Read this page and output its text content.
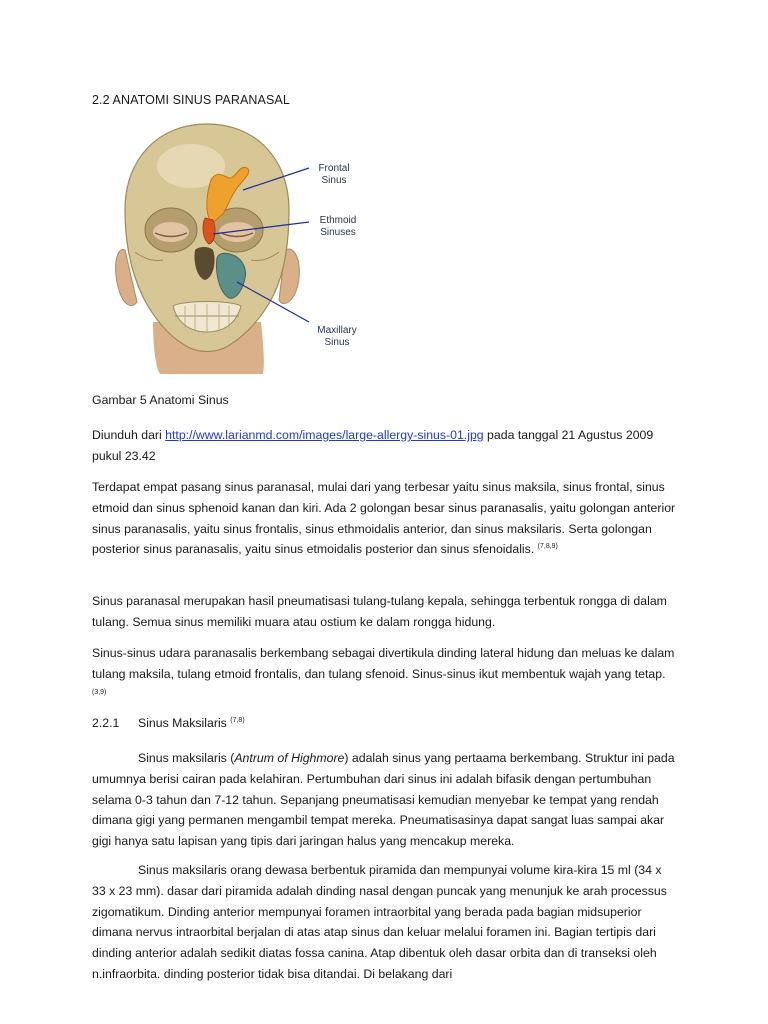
2.2 ANATOMI SINUS PARANASAL
Frontal
Sinus
Ethmoid
Sinuses
Maxillary
Sinus
Gambar 5 Anatomi Sinus

Diunduh dari http://www.larianmd.com/images/large-allergy-sinus-01.jpg pada tanggal 21 Agustus 2009 pukul 23.42

Terdapat empat pasang sinus paranasal, mulai dari yang terbesar yaitu sinus maksila, sinus frontal, sinus etmoid dan sinus sphenoid kanan dan kiri. Ada 2 golongan besar sinus paranasalis, yaitu golongan anterior sinus paranasalis, yaitu sinus frontalis, sinus ethmoidalis anterior, dan sinus maksilaris. Serta golongan posterior sinus paranasalis, yaitu sinus etmoidalis posterior dan sinus sfenoidalis. $^{(7,8,9)}$

Sinus paranasal merupakan hasil pneumatisasi tulang-tulang kepala, sehingga terbentuk rongga di dalam tulang. Semua sinus memiliki muara atau ostium ke dalam rongga hidung.

Sinus-sinus udara paranasalis berkembang sebagai divertikula dinding lateral hidung dan meluas ke dalam tulang maksila, tulang etmoid frontalis, dan tulang sfenoid. Sinus-sinus ikut membentuk wajah yang tetap. $^{(3,9)}$

2.2.1 Sinus Maksilaris $^{(7,8)}$

Sinus maksilaris (Antrum of Highmore) adalah sinus yang pertaama berkembang. Struktur ini pada umumnya berisi cairan pada kelahiran. Pertumbuhan dari sinus ini adalah bifasik dengan pertumbuhan selama 0-3 tahun dan 7-12 tahun. Sepanjang pneumatisasi kemudian menyebar ke tempat yang rendah dimana gigi yang permanen mengambil tempat mereka. Pneumatisasinya dapat sangat luas sampai akar gigi hanya satu lapisan yang tipis dari jaringan halus yang mencakup mereka.

Sinus maksilaris orang dewasa berbentuk piramida dan mempunyai volume kira-kira 15 ml (34 x 33 x 23 mm). dasar dari piramida adalah dinding nasal dengan puncak yang menunjuk ke arah processus zigomatikum. Dinding anterior mempunyai foramen intraorbital yang berada pada bagian midsuperior dimana nervus intraorbital berjalan di atas atap sinus dan keluar melalui foramen ini. Bagian tertipis dari dinding anterior adalah sedikit diatas fossa canina. Atap dibentuk oleh dasar orbita dan di transeksi oleh n.infraorbita. dinding posterior tidak bisa ditandai. Di belakang dari
